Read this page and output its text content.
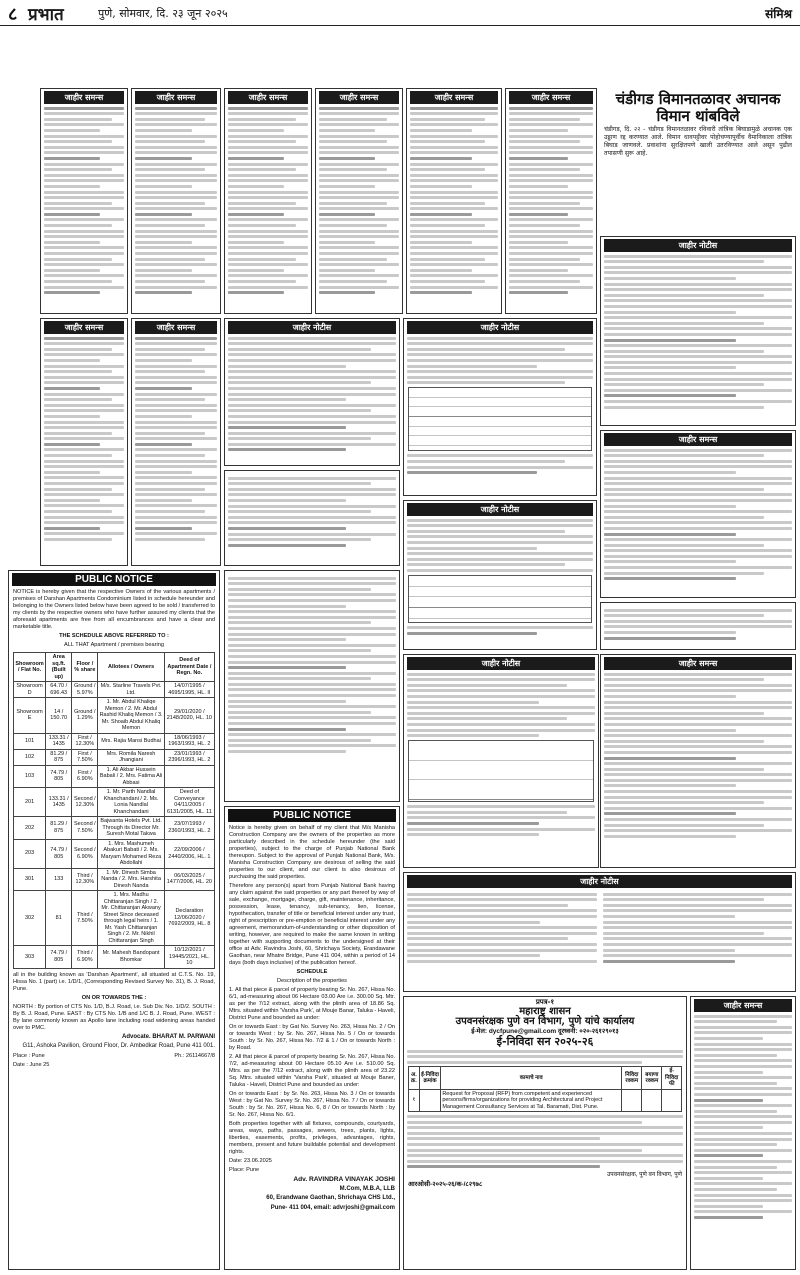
८ प्रभात	पुणे, सोमवार, दि. २३ जून २०२५	संमिश्र
जाहीर समन्स	जाहीर समन्स	जाहीर समन्स	जाहीर समन्स	जाहीर समन्स	जाहीर समन्स	चंडीगड विमानतळावर अचानक विमान थांबविले
चंडीगड, दि. २२ - चंडीगड विमानतळावर रविवारी तांत्रिक बिघाडामुळे अचानक एक उड्डाण रद्द करण्यात आले. विमान धावपट्टीवर पोहोचण्यापूर्वीच वैमानिकाला तांत्रिक बिघाड जाणवले. प्रवाशांना सुरक्षितपणे खाली उतरविण्यात आले असून पुढील तपासणी सुरू आहे.
जाहीर नोटीस
जाहीर समन्स	जाहीर समन्स	जाहीर नोटीस	जाहीर नोटीस
जाहीर समन्स
जाहीर नोटीस
PUBLIC NOTICE
NOTICE is hereby given that the respective Owners of the various apartments / premises of Darshan Apartments Condominium listed in schedule hereunder and belonging to the Owners listed below have been agreed to be sold / transferred to my clients by the respective owners who have further assured my clients that the aforesaid apartments are free from all encumbrances and have a clear and marketable title.
THE SCHEDULE ABOVE REFERRED TO :
ALL THAT Apartment / premises bearing
Showroom / Flat No.	Area sq.ft. (Built up)	Floor / % share	Allotees / Owners	Deed of Apartment Date / Regn. No.
Showroom D	64.70 / 696.43	Ground / 5.97%	M/s. Starline Travels Pvt. Ltd.	14/07/1995 / 4695/1995, HL. II
Showroom E	14 / 150.70	Ground / 1.29%	1. Mr. Abdul Khaliqe Memon / 2. Mr. Abdul Rashid Khaliq Memon / 3. Mr. Shoaib Abdul Khaliq Memon	29/01/2020 / 2148/2020, HL. 10
101	133.31 / 1435	First / 12.30%	Mrs. Rajia Mansi Budhai	18/06/1993 / 1963/1993, HL. 2
102	81.29 / 875	First / 7.50%	Mrs. Romila Naresh Jhangiani	23/01/1993 / 2396/1993, HL. 2
103	74.79 / 805	First / 6.90%	1. Ali Akbar Hussein Babali / 2. Mrs. Fatima Ali Abbasi	
201	133.31 / 1435	Second / 12.30%	1. Mr. Parth Nandlal Khanchandani / 2. Ms. Lonia Nandlal Khanchandani	Deed of Conveyance 04/11/2005 / 6131/2005, HL. 11
202	81.29 / 875	Second / 7.50%	Bajwanta Hotels Pvt. Ltd. Through its Director Mr. Suresh Motal Takwa	23/07/1993 / 2360/1993, HL. 2
203	74.79 / 805	Second / 6.90%	1. Mrs. Mashumeh Abakuri Babati / 2. Ms. Maryam Mohamed Reza Abdollahi	22/09/2006 / 2440/2006, HL. 1
301	133	Third / 12.30%	1. Mr. Dinesh Simba Nanda / 2. Mrs. Harshita Dinesh Nanda	06/03/2025 / 1477/2006, HL. 20
302	81	Third / 7.50%	1. Mrs. Madhu Chittaranjan Singh / 2. Mr. Chittaranjan Akwany Street Since deceased through legal heirs / 1. Mr. Yash Chittaranjan Singh / 2. Mr. Nikhil Chittaranjan Singh	Declaration 12/06/2020 / 7692/2009, HL. 8
303	74.79 / 805	Third / 6.90%	Mr. Mahesh Bandopant Bhomkar	10/12/2021 / 19445/2021, HL. 10
all in the building known as 'Darshan Apartment', all situated at C.T.S. No. 19, Hissa No. 1 (part) i.e. 1/D/1, (Corresponding Revised Survey No. 31), B. J. Road, Pune.
ON OR TOWARDS THE :
NORTH : By portion of CTS No. 1/D, B.J. Road, i.e. Sub Div. No. 1/D/2. SOUTH : By B. J. Road, Pune. EAST : By CTS No. 1/B and 1/C B. J. Road, Pune. WEST : By lane commonly known as Apollo lane including road widening areas handed over to PMC.
Advocate. BHARAT M. PARWANI
G11, Ashoka Pavilion, Ground Floor, Dr. Ambedkar Road, Pune 411 001.
Place : Pune	Ph.: 26114667/8
Date : June 25
PUBLIC NOTICE
Notice is hereby given on behalf of my client that M/s Manisha Construction Company are the owners of the properties as more particularly described in the schedule hereunder (the said properties), subject to the charge of Punjab National Bank thereupon. Subject to the approval of Punjab National Bank, M/s. Manisha Construction Company are desirous of selling the said properties to our client, and our client is also desirous of purchasing the said properties.
Therefore any person(s) apart from Punjab National Bank having any claim against the said properties or any part thereof by way of sale, exchange, mortgage, charge, gift, maintenance, inheritance, possession, lease, tenancy, sub-tenancy, lien, license, hypothecation, transfer of title or beneficial interest under any trust, right of prescription or pre-emption or beneficial interest under any agreement, memorandum-of-understanding or other disposition of writing, however, are required to make the same known in writing together with supporting documents to the undersigned at their office at Adv. Ravindra Joshi, 60, Shrichaya Society, Erandawane Gaothan, near Mhatre Bridge, Pune 411 004, within a period of 14 days (both days inclusive) of the publication hereof.
SCHEDULE
Description of the properties
1. All that piece & parcel of property bearing Sr. No. 267, Hissa No. 6/1, ad-measuring about 06 Hectare 03.00 Are i.e. 300.00 Sq. Mtr. as per the 7/12 extract, along with the plinth area of 18.86 Sq. Mtrs. situated within 'Varsha Park', at Mouje Banar, Taluka - Haveli, District Pune and bounded as under:
On or towards East : by Gat No. Survey No. 263, Hissa No. 2 / On or towards West : by Sr. No. 267, Hissa No. 5 / On or towards South : by Sr. No. 267, Hissa No. 7/2 & 1 / On or towards North : by Road.
2. All that piece & parcel of property bearing Sr. No. 267, Hissa No. 7/2, ad-measuring about 00 Hectare 05.10 Are i.e. 510.00 Sq. Mtrs. as per the 7/12 extract, along with the plinth area of 23.22 Sq. Mtrs. situated within 'Varsha Park', situated at Mouje Baner, Taluka - Haveli, District Pune and bounded as under:
On or towards East : by Sr. No. 263, Hissa No. 3 / On or towards West : by Gat No. Survey Sr. No. 267, Hissa No. 7 / On or towards South : by Sr. No. 267, Hissa No. 6, 8 / On or towards North : by Sr. No. 267, Hissa No. 6/1.
Both properties together with all fixtures, compounds, courtyards, areas, ways, paths, passages, sewers, trees, plants, lights, liberties, easements, profits, privileges, advantages, rights, members, present and future buildable potential and development rights.
Date: 23.06.2025
Place: Pune
Adv. RAVINDRA VINAYAK JOSHI
M.Com, M.B.A, LLB
60, Erandwane Gaothan, Shrichaya CHS Ltd.,
Pune- 411 004, email: advrjoshi@gmail.com
जाहीर नोटीस	जाहीर समन्स
जाहीर नोटीस
प्रपत्र-१
महाराष्ट्र शासन
उपवनसंरक्षक पुणे वन विभाग, पुणे यांचे कार्यालय
ई-मेल: dycfpune@gmail.com दूरध्वनी: ०२०-२६१२९०१३
ई-निविदा सन २०२५-२६
अ. क्र.	ई-निविदा क्रमांक	कामाचे नाव	निविदा रक्कम	बयाणा रक्कम	ई-निविदा फी
१		Request for Proposal (RFP) from competent and experienced persons/firms/organizations for providing Architectural and Project Management Consultancy Services at Tal. Baramati, Dist. Pune.			
उपवनसंरक्षक, पुणे वन विभाग, पुणे
आरओसी-२०२५-२६/क-/८२९७८
जाहीर समन्स
